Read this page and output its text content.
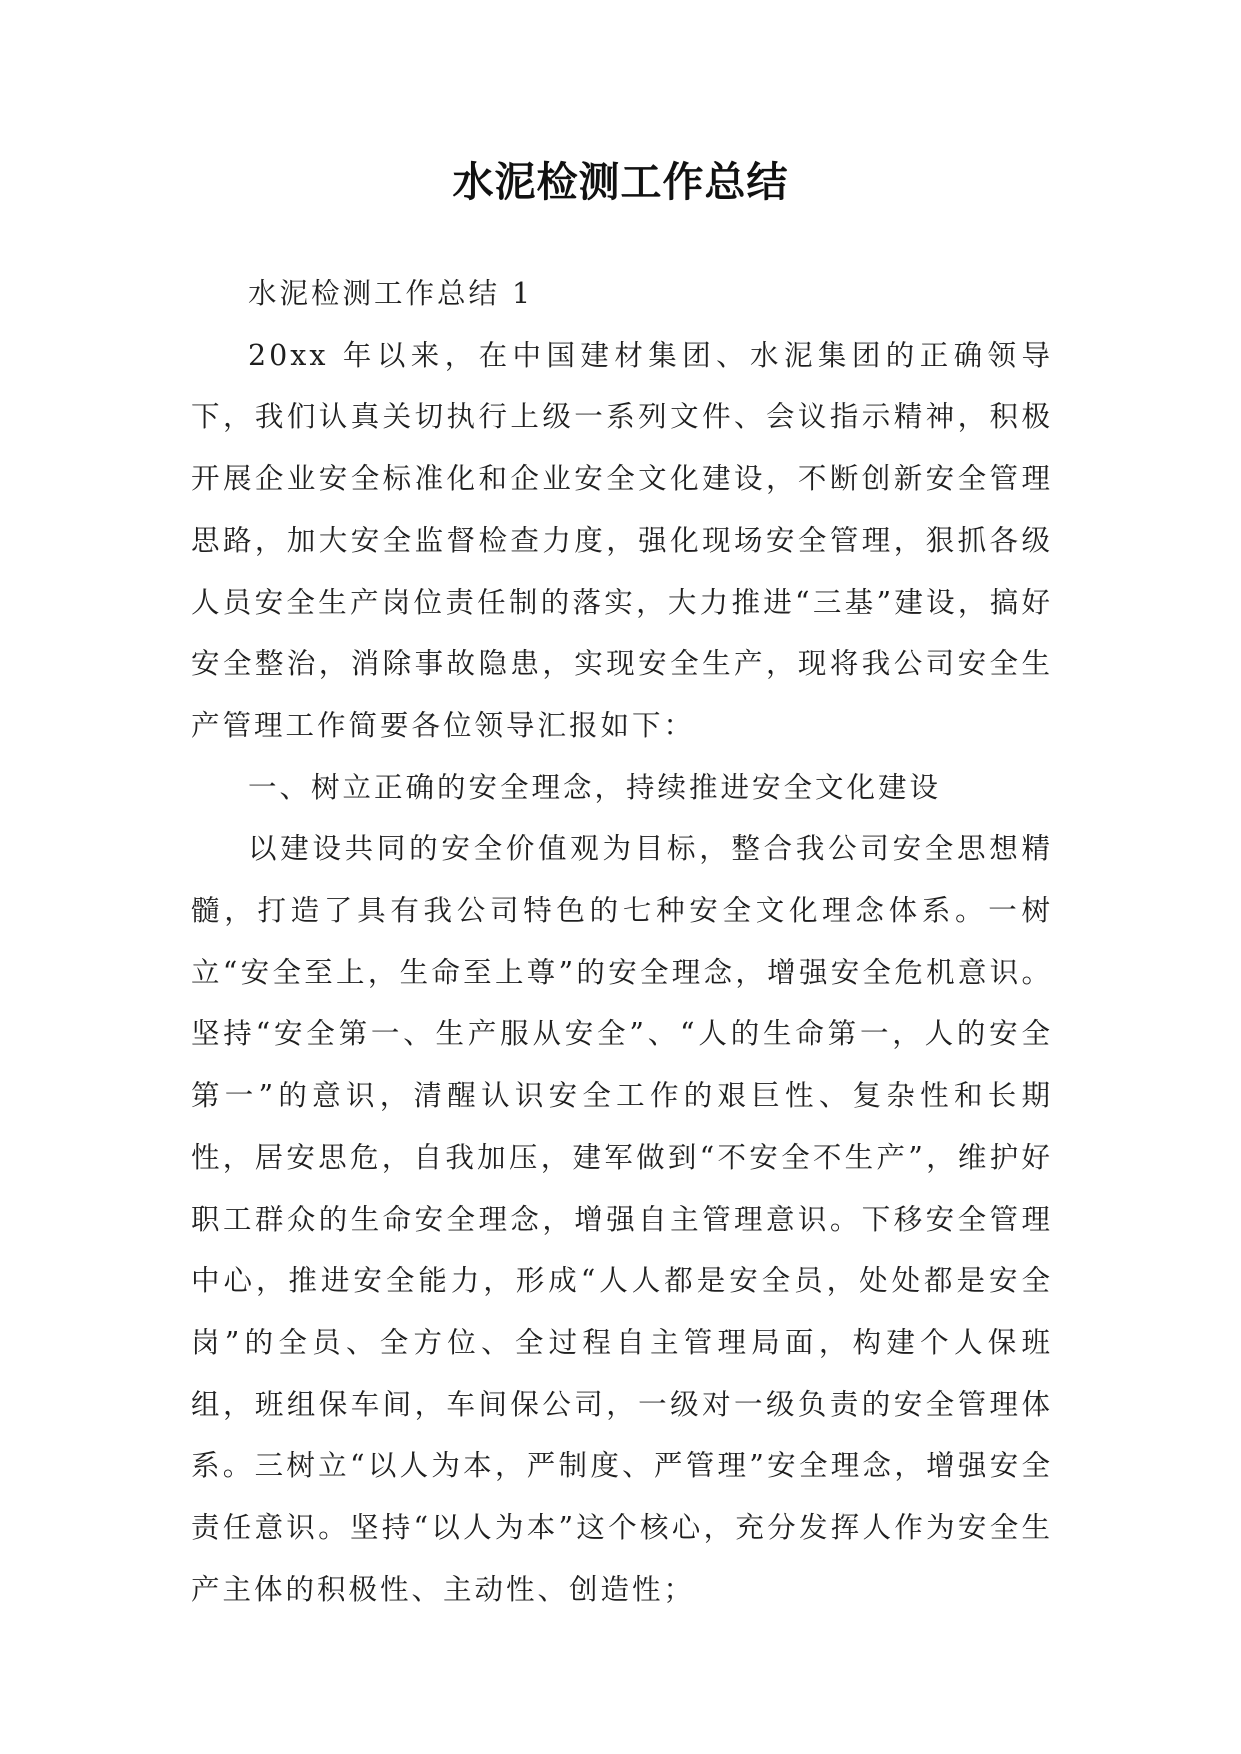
水泥检测工作总结

水泥检测工作总结 1

20xx 年以来，在中国建材集团、水泥集团的正确领导下，我们认真关切执行上级一系列文件、会议指示精神，积极开展企业安全标准化和企业安全文化建设，不断创新安全管理思路，加大安全监督检查力度，强化现场安全管理，狠抓各级人员安全生产岗位责任制的落实，大力推进“三基”建设，搞好安全整治，消除事故隐患，实现安全生产，现将我公司安全生产管理工作简要各位领导汇报如下：

一、树立正确的安全理念，持续推进安全文化建设

以建设共同的安全价值观为目标，整合我公司安全思想精髓，打造了具有我公司特色的七种安全文化理念体系。一树立“安全至上，生命至上尊”的安全理念，增强安全危机意识。坚持“安全第一、生产服从安全”、“人的生命第一，人的安全第一”的意识，清醒认识安全工作的艰巨性、复杂性和长期性，居安思危，自我加压，建军做到“不安全不生产”，维护好职工群众的生命安全理念，增强自主管理意识。下移安全管理中心，推进安全能力，形成“人人都是安全员，处处都是安全岗”的全员、全方位、全过程自主管理局面，构建个人保班组，班组保车间，车间保公司，一级对一级负责的安全管理体系。三树立“以人为本，严制度、严管理”安全理念，增强安全责任意识。坚持“以人为本”这个核心，充分发挥人作为安全生产主体的积极性、主动性、创造性；
